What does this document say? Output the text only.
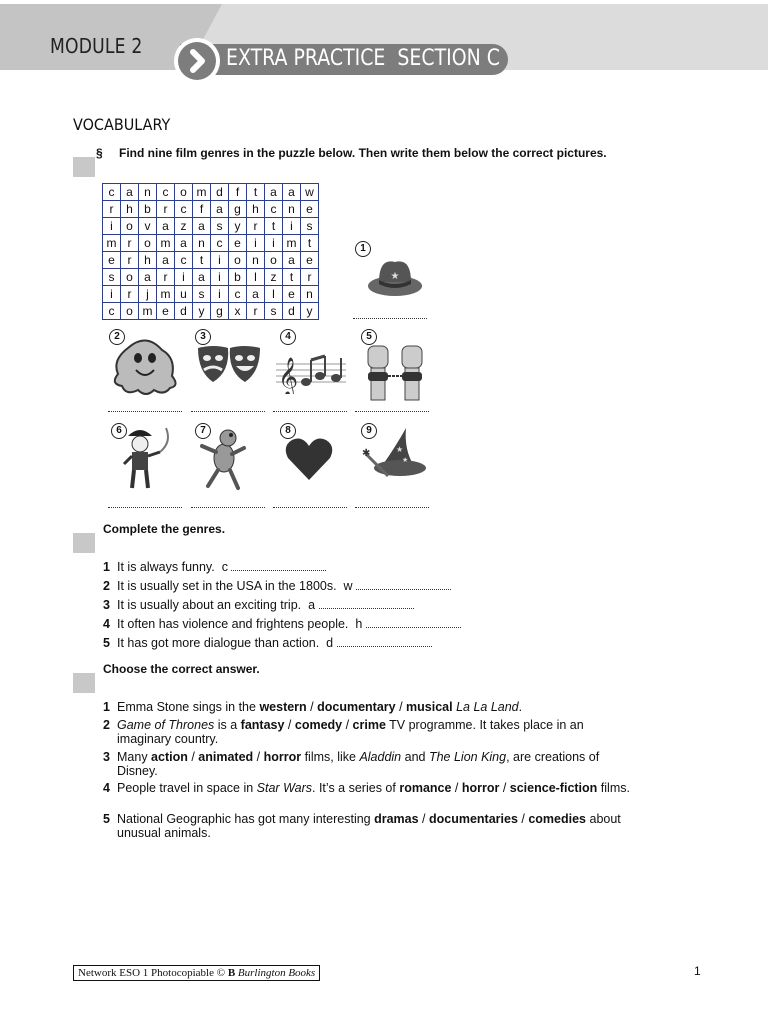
MODULE 2	EXTRA PRACTICE  SECTION C
VOCABULARY
§ Find nine film genres in the puzzle below. Then write them below the correct pictures.
c	a	n	c	o	m	d	f	t	a	a	w
r	h	b	r	c	f	a	g	h	c	n	e
i	o	v	a	z	a	s	y	r	t	i	s
m	r	o	m	a	n	c	e	i	i	m	t
e	r	h	a	c	t	i	o	n	o	a	e
s	o	a	r	i	a	i	b	l	z	t	r
i	r	j	m	u	s	i	c	a	l	e	n
c	o	m	e	d	y	g	x	r	s	d	y
★
1
2	3
𝄞
4	5
6	7	8
★
★
✱
9
Complete the genres.
1 It is always funny. c
2 It is usually set in the USA in the 1800s. w
3 It is usually about an exciting trip. a
4 It often has violence and frightens people. h
5 It has got more dialogue than action. d
Choose the correct answer.
1 Emma Stone sings in the western / documentary / musical La La Land.
2 Game of Thrones is a fantasy / comedy / crime TV programme. It takes place in an imaginary country.
3 Many action / animated / horror films, like Aladdin and The Lion King, are creations of Disney.
4 People travel in space in Star Wars. It’s a series of romance / horror / science-fiction films.
5 National Geographic has got many interesting dramas / documentaries / comedies about unusual animals.
Network ESO 1 Photocopiable © B Burlington Books	1
